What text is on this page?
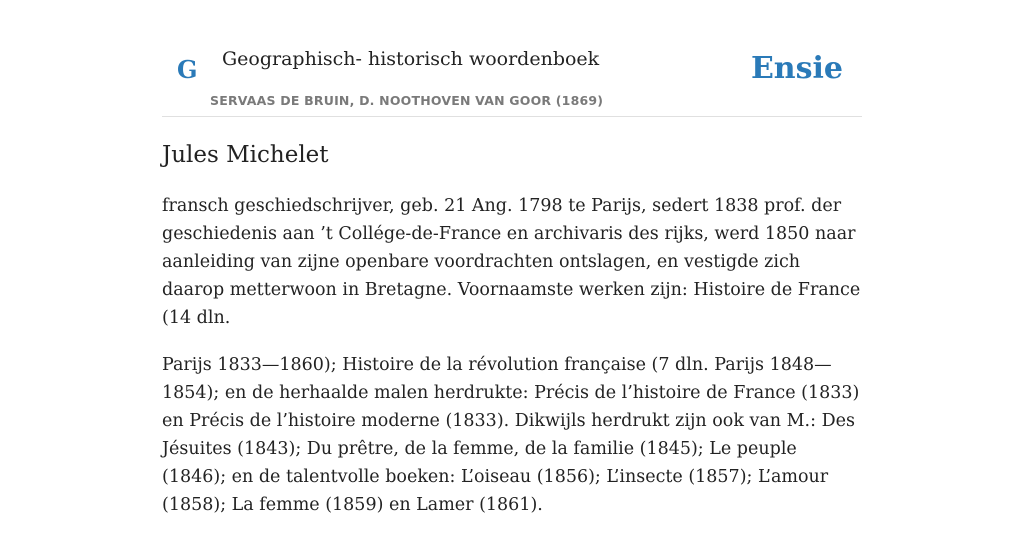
G Geographisch- historisch woordenboek
SERVAAS DE BRUIN, D. NOOTHOVEN VAN GOOR (1869)
Ensie
Jules Michelet

fransch geschiedschrijver, geb. 21 Ang. 1798 te Parijs, sedert 1838 prof. der geschiedenis aan ’t Collége-de-France en archivaris des rijks, werd 1850 naar aanleiding van zijne openbare voordrachten ontslagen, en vestigde zich daarop metterwoon in Bretagne. Voornaamste werken zijn: Histoire de France (14 dln.

Parijs 1833—1860); Histoire de la révolution française (7 dln. Parijs 1848—1854); en de herhaalde malen herdrukte: Précis de l’histoire de France (1833) en Précis de l’histoire moderne (1833). Dikwijls herdrukt zijn ook van M.: Des Jésuites (1843); Du prêtre, de la femme, de la familie (1845); Le peuple (1846); en de talentvolle boeken: L’oiseau (1856); L’insecte (1857); L’amour (1858); La femme (1859) en Lamer (1861).
